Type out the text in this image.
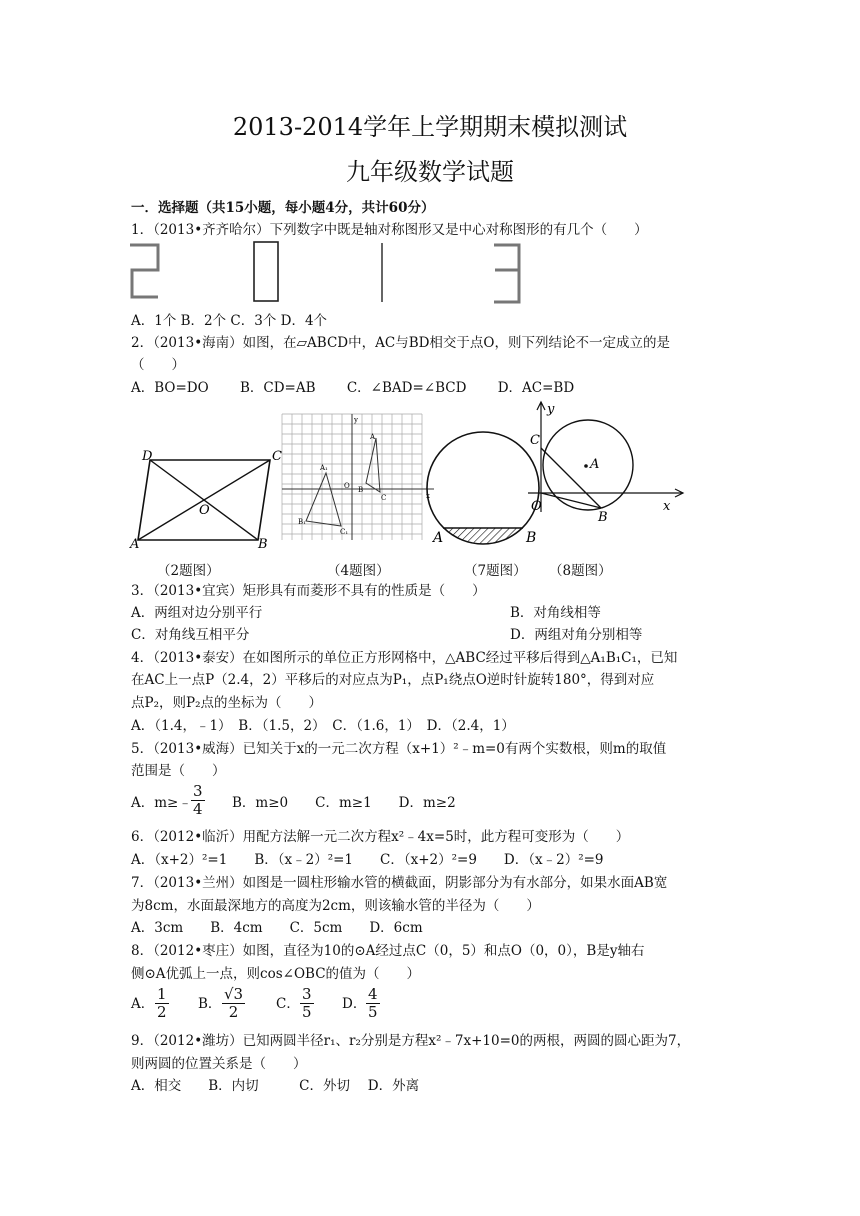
2013-2014学年上学期期末模拟测试
九年级数学试题
一．选择题（共15小题，每小题4分，共计60分）
1．（2013•齐齐哈尔）下列数字中既是轴对称图形又是中心对称图形的有几个（　　）
A．1个 B．2个 C．3个 D．4个
2．（2013•海南）如图，在▱ABCD中，AC与BD相交于点O，则下列结论不一定成立的是
（　　）
A．BO=DO　　 B．CD=AB　　 C．∠BAD=∠BCD　　 D．AC=BD
D	C
A	B
O
y
x
A
B
C
A₁
B₁
C₁
O
A	B
y
x
C
A
O
B
（2题图）	（4题图）	（7题图） （8题图）
3．（2013•宜宾）矩形具有而菱形不具有的性质是（　　）
A．两组对边分别平行	B．对角线相等
C．对角线互相平分	D．两组对角分别相等
4．（2013•泰安）在如图所示的单位正方形网格中，△ABC经过平移后得到△A₁B₁C₁，已知
在AC上一点P（2.4，2）平移后的对应点为P₁，点P₁绕点O逆时针旋转180°，得到对应
点P₂，则P₂点的坐标为（　　）
A．（1.4，﹣1）　B．（1.5，2）　C．（1.6，1）　D．（2.4，1）
5．（2013•威海）已知关于x的一元二次方程（x+1）²﹣m=0有两个实数根，则m的取值
范围是（　　）
A．m≥﹣ $\frac{3}{4}$ B．m≥0　　C．m≥1　　D．m≥2
6．（2012•临沂）用配方法解一元二次方程x²﹣4x=5时，此方程可变形为（　　）
A．（x+2）²=1　　B．（x﹣2）²=1　　C．（x+2）²=9　　D．（x﹣2）²=9
7．（2013•兰州）如图是一圆柱形输水管的横截面，阴影部分为有水部分，如果水面AB宽
为8cm，水面最深地方的高度为2cm，则该输水管的半径为（　　）
A．3cm　　B．4cm　　C．5cm　　D．6cm
8．（2012•枣庄）如图，直径为10的⊙A经过点C（0，5）和点O（0，0），B是y轴右
侧⊙A优弧上一点，则cos∠OBC的值为（　　）
A． $\frac{1}{2}$ B． $\frac{√3}{2}$ C． $\frac{3}{5}$ D． $\frac{4}{5}$
9．（2012•潍坊）已知两圆半径r₁、r₂分别是方程x²﹣7x+10=0的两根，两圆的圆心距为7，
则两圆的位置关系是（　　）
A．相交　　B．内切　　　C．外切　 D．外离
